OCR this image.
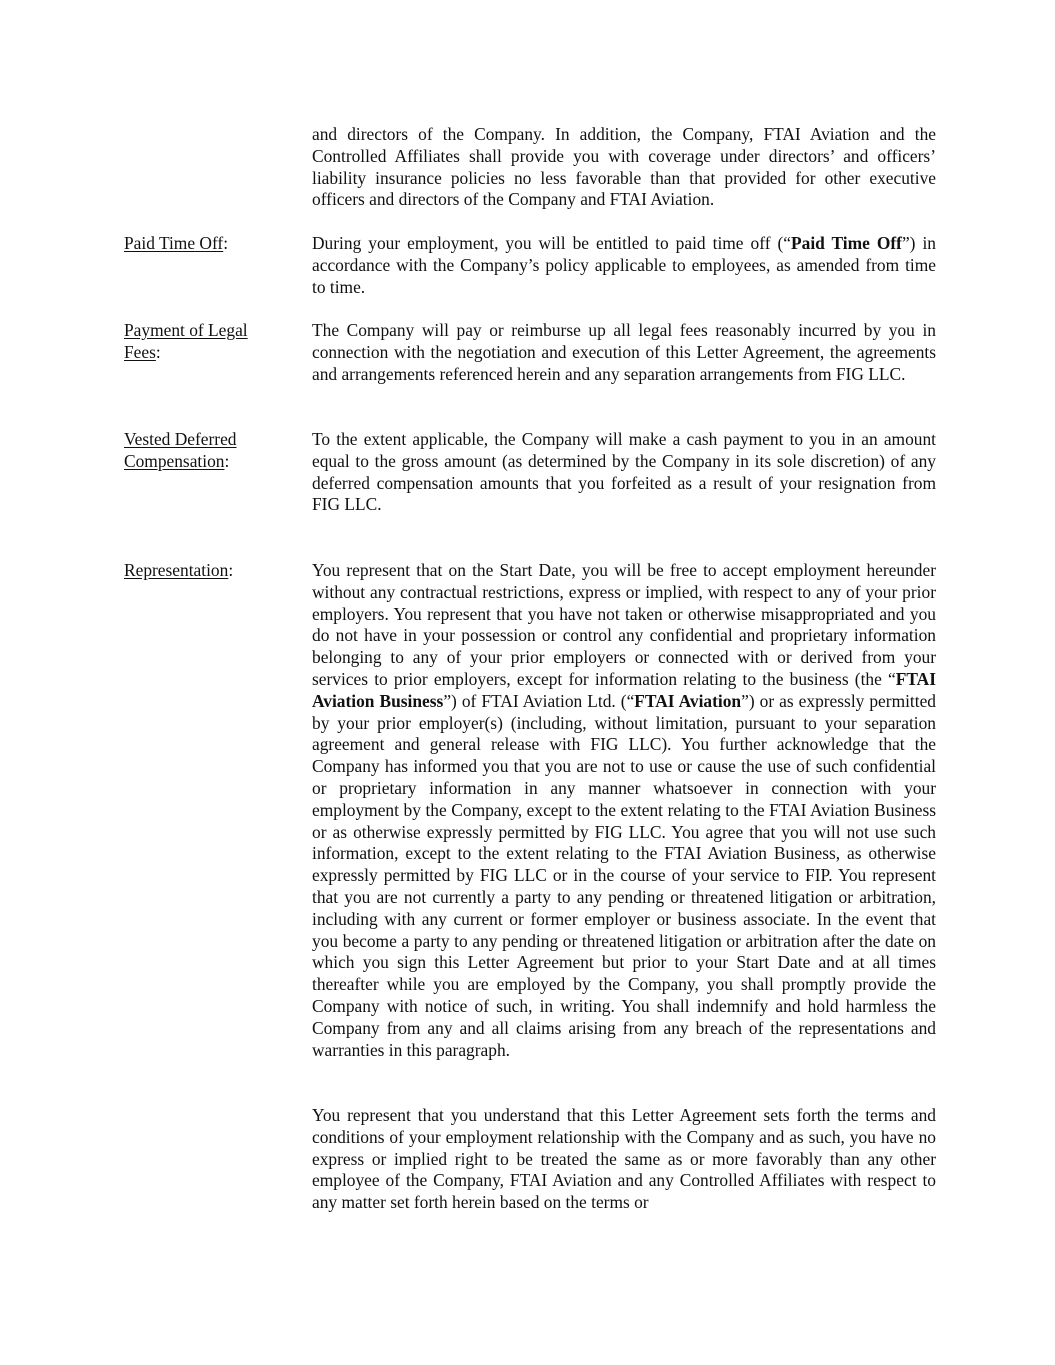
and directors of the Company. In addition, the Company, FTAI Aviation and the Controlled Affiliates shall provide you with coverage under directors’ and officers’ liability insurance policies no less favorable than that provided for other executive officers and directors of the Company and FTAI Aviation.
Paid Time Off:	During your employment, you will be entitled to paid time off (“Paid Time Off”) in accordance with the Company’s policy applicable to employees, as amended from time to time.
Payment of Legal
Fees:
The Company will pay or reimburse up all legal fees reasonably incurred by you in connection with the negotiation and execution of this Letter Agreement, the agreements and arrangements referenced herein and any separation arrangements from FIG LLC.
Vested Deferred
Compensation:
To the extent applicable, the Company will make a cash payment to you in an amount equal to the gross amount (as determined by the Company in its sole discretion) of any deferred compensation amounts that you forfeited as a result of your resignation from FIG LLC.
Representation:	You represent that on the Start Date, you will be free to accept employment hereunder without any contractual restrictions, express or implied, with respect to any of your prior employers. You represent that you have not taken or otherwise misappropriated and you do not have in your possession or control any confidential and proprietary information belonging to any of your prior employers or connected with or derived from your services to prior employers, except for information relating to the business (the “FTAI Aviation Business”) of FTAI Aviation Ltd. (“FTAI Aviation”) or as expressly permitted by your prior employer(s) (including, without limitation, pursuant to your separation agreement and general release with FIG LLC). You further acknowledge that the Company has informed you that you are not to use or cause the use of such confidential or proprietary information in any manner whatsoever in connection with your employment by the Company, except to the extent relating to the FTAI Aviation Business or as otherwise expressly permitted by FIG LLC. You agree that you will not use such information, except to the extent relating to the FTAI Aviation Business, as otherwise expressly permitted by FIG LLC or in the course of your service to FIP. You represent that you are not currently a party to any pending or threatened litigation or arbitration, including with any current or former employer or business associate. In the event that you become a party to any pending or threatened litigation or arbitration after the date on which you sign this Letter Agreement but prior to your Start Date and at all times thereafter while you are employed by the Company, you shall promptly provide the Company with notice of such, in writing. You shall indemnify and hold harmless the Company from any and all claims arising from any breach of the representations and warranties in this paragraph.
You represent that you understand that this Letter Agreement sets forth the terms and conditions of your employment relationship with the Company and as such, you have no express or implied right to be treated the same as or more favorably than any other employee of the Company, FTAI Aviation and any Controlled Affiliates with respect to any matter set forth herein based on the terms or
